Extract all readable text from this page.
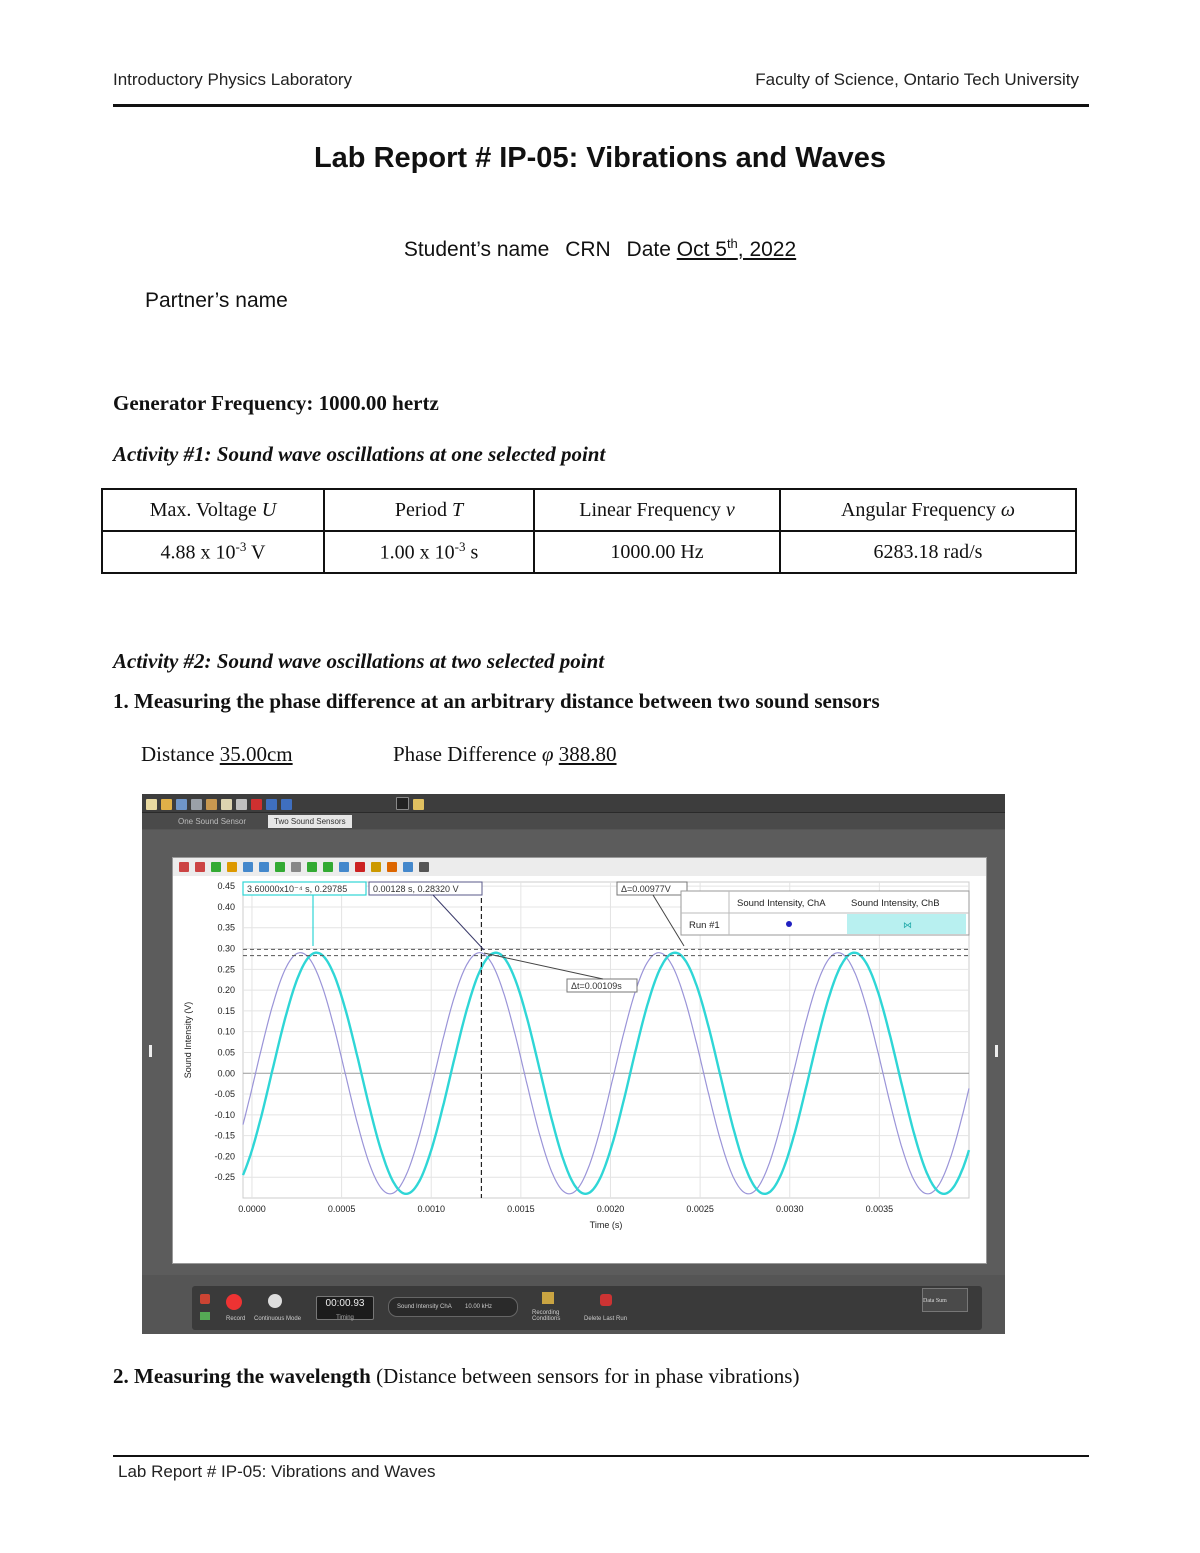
Introductory Physics Laboratory	Faculty of Science, Ontario Tech University
Lab Report # IP-05: Vibrations and Waves
Student’s name CRN Date Oct 5th, 2022
Partner’s name
Generator Frequency: 1000.00 hertz
Activity #1: Sound wave oscillations at one selected point
Max. Voltage U	Period T	Linear Frequency ν	Angular Frequency ω
4.88 x $10^{-3}$ V	1.00 x $10^{-3}$ s	1000.00 Hz	6283.18 rad/s
Activity #2: Sound wave oscillations at two selected point
1. Measuring the phase difference at an arbitrary distance between two sound sensors
Distance 35.00cm	Phase Difference φ 388.80
One Sound Sensor	Two Sound Sensors
0.45
0.40
0.35
0.30
0.25
0.20
0.15
0.10
0.05
0.00
-0.05
-0.10
-0.15
-0.20
-0.25
0.0000	0.0005	0.0010	0.0015	0.0020	0.0025	0.0030	0.0035
Time (s)
Sound Intensity (V)
3.60000x10⁻⁴ s, 0.29785	0.00128 s, 0.28320 V	Δ=0.00977V
Δt=0.00109s
Sound Intensity, ChA	Sound Intensity, ChB
Run #1	⋈
Record Continuous Mode
00:00.93
Timing
Sound Intensity ChA 10.00 kHz
Recording Conditions	Delete Last Run
Data Sum
2. Measuring the wavelength (Distance between sensors for in phase vibrations)
Lab Report # IP-05: Vibrations and Waves
